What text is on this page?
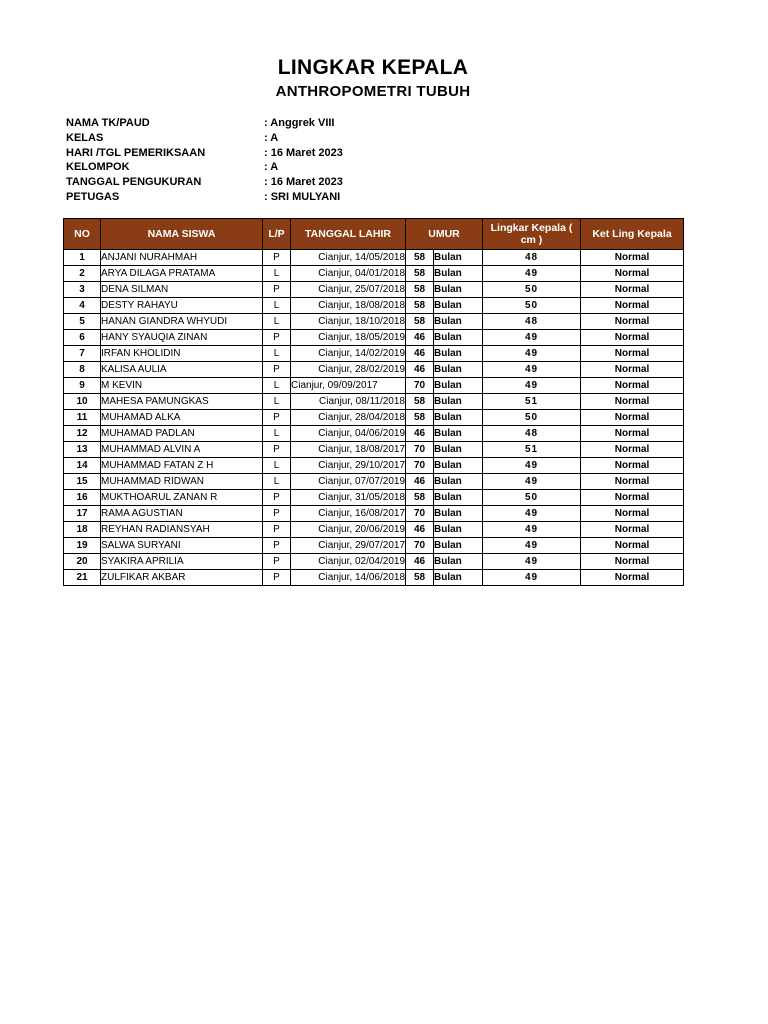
LINGKAR KEPALA
ANTHROPOMETRI TUBUH
NAMA TK/PAUD	: Anggrek VIII
KELAS	: A
HARI /TGL PEMERIKSAAN	: 16 Maret 2023
KELOMPOK	: A
TANGGAL PENGUKURAN	: 16 Maret 2023
PETUGAS	: SRI MULYANI
NO	NAMA SISWA	L/P	TANGGAL LAHIR	UMUR		Lingkar Kepala ( cm )	Ket Ling Kepala
1	ANJANI NURAHMAH	P	Cianjur, 14/05/2018	58	Bulan	48	Normal
2	ARYA DILAGA PRATAMA	L	Cianjur, 04/01/2018	58	Bulan	49	Normal
3	DENA SILMAN	P	Cianjur, 25/07/2018	58	Bulan	50	Normal
4	DESTY RAHAYU	L	Cianjur, 18/08/2018	58	Bulan	50	Normal
5	HANAN GIANDRA WHYUDI	L	Cianjur, 18/10/2018	58	Bulan	48	Normal
6	HANY SYAUQIA ZINAN	P	Cianjur, 18/05/2019	46	Bulan	49	Normal
7	IRFAN KHOLIDIN	L	Cianjur, 14/02/2019	46	Bulan	49	Normal
8	KALISA AULIA	P	Cianjur, 28/02/2019	46	Bulan	49	Normal
9	M KEVIN	L	Cianjur, 09/09/2017	70	Bulan	49	Normal
10	MAHESA PAMUNGKAS	L	Cianjur, 08/11/2018	58	Bulan	51	Normal
11	MUHAMAD ALKA	P	Cianjur, 28/04/2018	58	Bulan	50	Normal
12	MUHAMAD PADLAN	L	Cianjur, 04/06/2019	46	Bulan	48	Normal
13	MUHAMMAD ALVIN A	P	Cianjur, 18/08/2017	70	Bulan	51	Normal
14	MUHAMMAD FATAN Z H	L	Cianjur, 29/10/2017	70	Bulan	49	Normal
15	MUHAMMAD RIDWAN	L	Cianjur, 07/07/2019	46	Bulan	49	Normal
16	MUKTHOARUL ZANAN R	P	Cianjur, 31/05/2018	58	Bulan	50	Normal
17	RAMA AGUSTIAN	P	Cianjur, 16/08/2017	70	Bulan	49	Normal
18	REYHAN RADIANSYAH	P	Cianjur, 20/06/2019	46	Bulan	49	Normal
19	SALWA SURYANI	P	Cianjur, 29/07/2017	70	Bulan	49	Normal
20	SYAKIRA APRILIA	P	Cianjur, 02/04/2019	46	Bulan	49	Normal
21	ZULFIKAR AKBAR	P	Cianjur, 14/06/2018	58	Bulan	49	Normal
